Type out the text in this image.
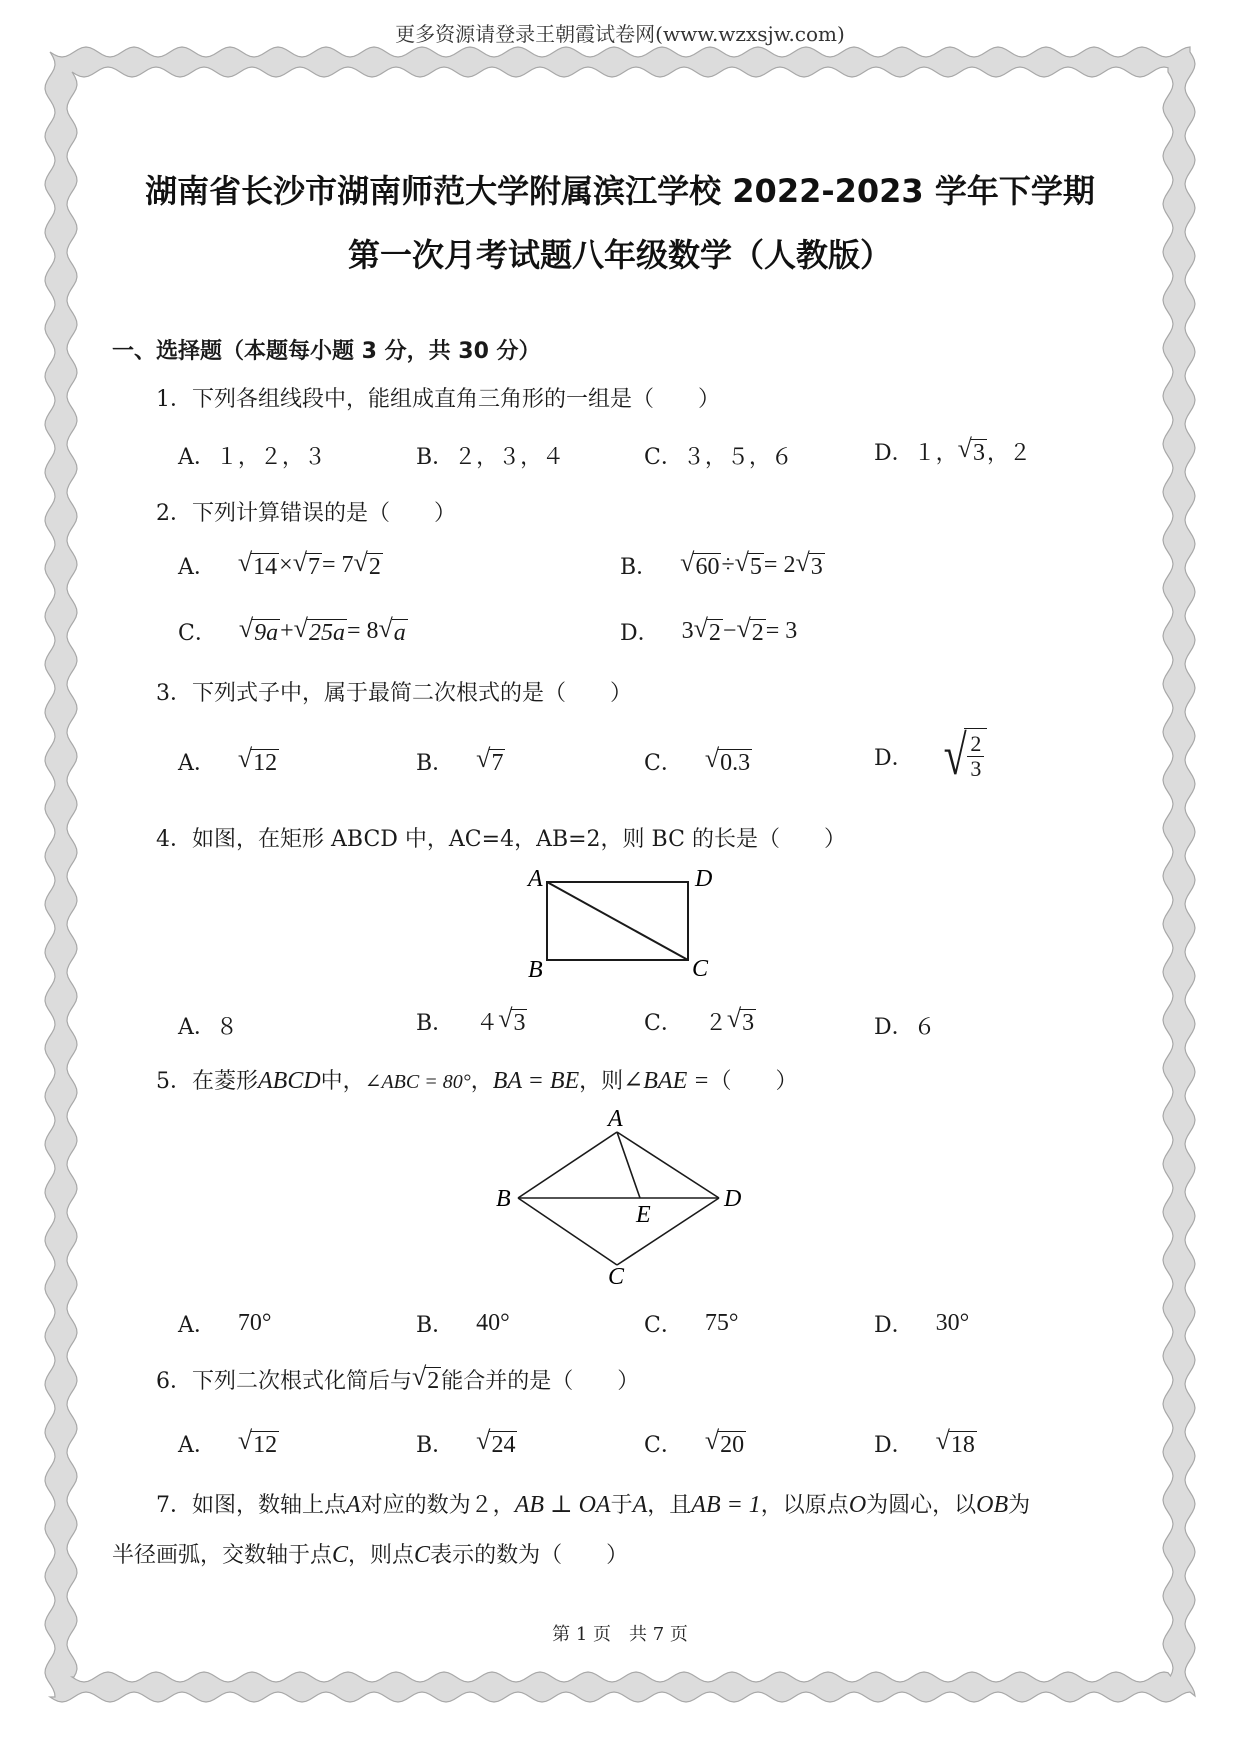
更多资源请登录王朝霞试卷网(www.wzxsjw.com)
湖南省长沙市湖南师范大学附属滨江学校 2022-2023 学年下学期
第一次月考试题八年级数学（人教版）
一、选择题（本题每小题 3 分，共 30 分）
1．下列各组线段中，能组成直角三角形的一组是（　　）
A．１，２，３	B．２，３，４	C．３，５，６	D． １， √ 3 ，２
2．下列计算错误的是（　　）
A． √ 14 × √ 7 = 7 √ 2	B． √ 60 ÷ √ 5 = 2 √ 3
C． √ 9a + √ 25a = 8 √ a	D． 3 √ 2 − √ 2 = 3
3．下列式子中，属于最简二次根式的是（　　）
A． √ 12	B． √ 7	C． √ 0.3	D． √ $\frac{2}{3}$
4．如图，在矩形 ABCD 中，AC=4，AB=2，则 BC 的长是（　　）
A	D
B	C
A．８	B． ４ √ 3	C． ２ √ 3	D．６
5．在菱形 ABCD 中， ∠ABC = 80° ， BA = BE ，则 ∠BAE = （　　）
A
B	D
E
C
A． 70°	B． 40°	C． 75°	D． 30°
6．下列二次根式化简后与 √ 2 能合并的是（　　）
A． √ 12	B． √ 24	C． √ 20	D． √ 18
7．如图，数轴上点 A 对应的数为２， AB ⊥ OA 于 A ，且 AB = 1 ，以原点 O 为圆心，以 OB 为
半径画弧，交数轴于点 C ，则点 C 表示的数为（　　）
第 1 页　共 7 页
